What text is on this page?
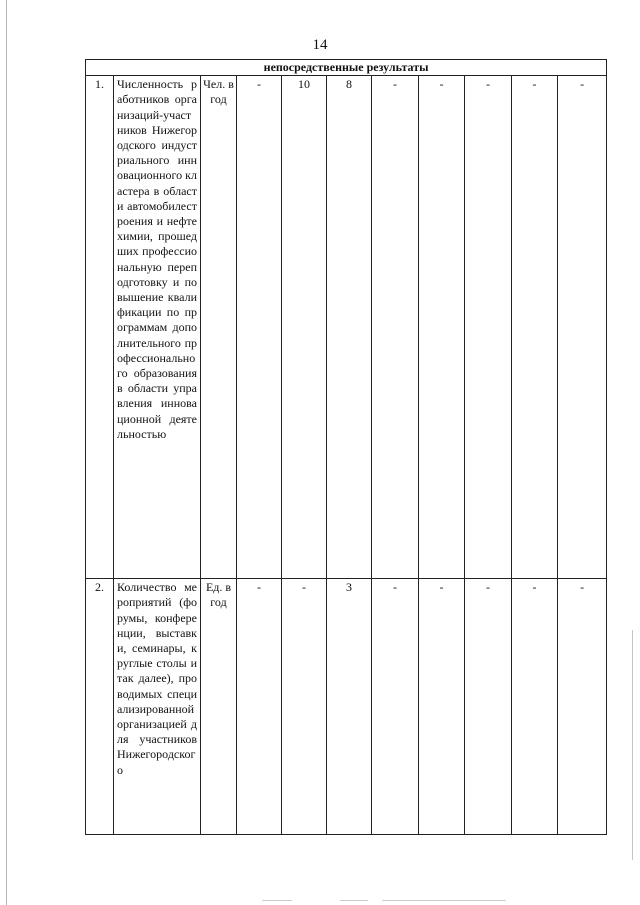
14
непосредственные результаты										
1.	Численность работников организаций-участников Нижегородского индустриального инновационного кластера в области автомобилестроения и нефтехимии, прошедших профессиональную переподготовку и повышение квалификации по программам дополнительного профессионального образования в области управления инновационной деятельностью	Чел. в год	-	10	8	-	-	-	-	-
2.	Количество мероприятий (форумы, конференции, выставки, семинары, круглые столы и так далее), проводимых специализированной организацией для участников Нижегородского	Ед. в год	-	-	3	-	-	-	-	-
